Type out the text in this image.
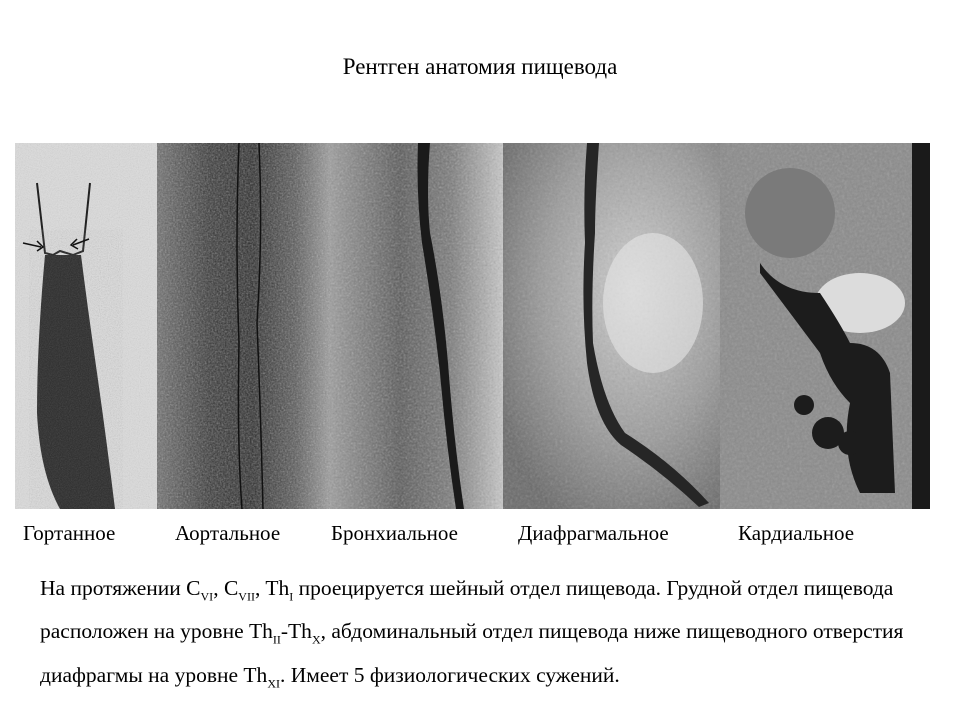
Рентген анатомия пищевода
Гортанное	Аортальное Бронхиальное	Диафрагмальное	Кардиальное
На протяжении $C_{VI}$, $C_{VII}$, $Th_I$ проецируется шейный отдел пищевода. Грудной отдел пищевода расположен на уровне $Th_{II}-Th_X$, абдоминальный отдел пищевода ниже пищеводного отверстия диафрагмы на уровне $Th_{XI}$. Имеет 5 физиологических сужений.
